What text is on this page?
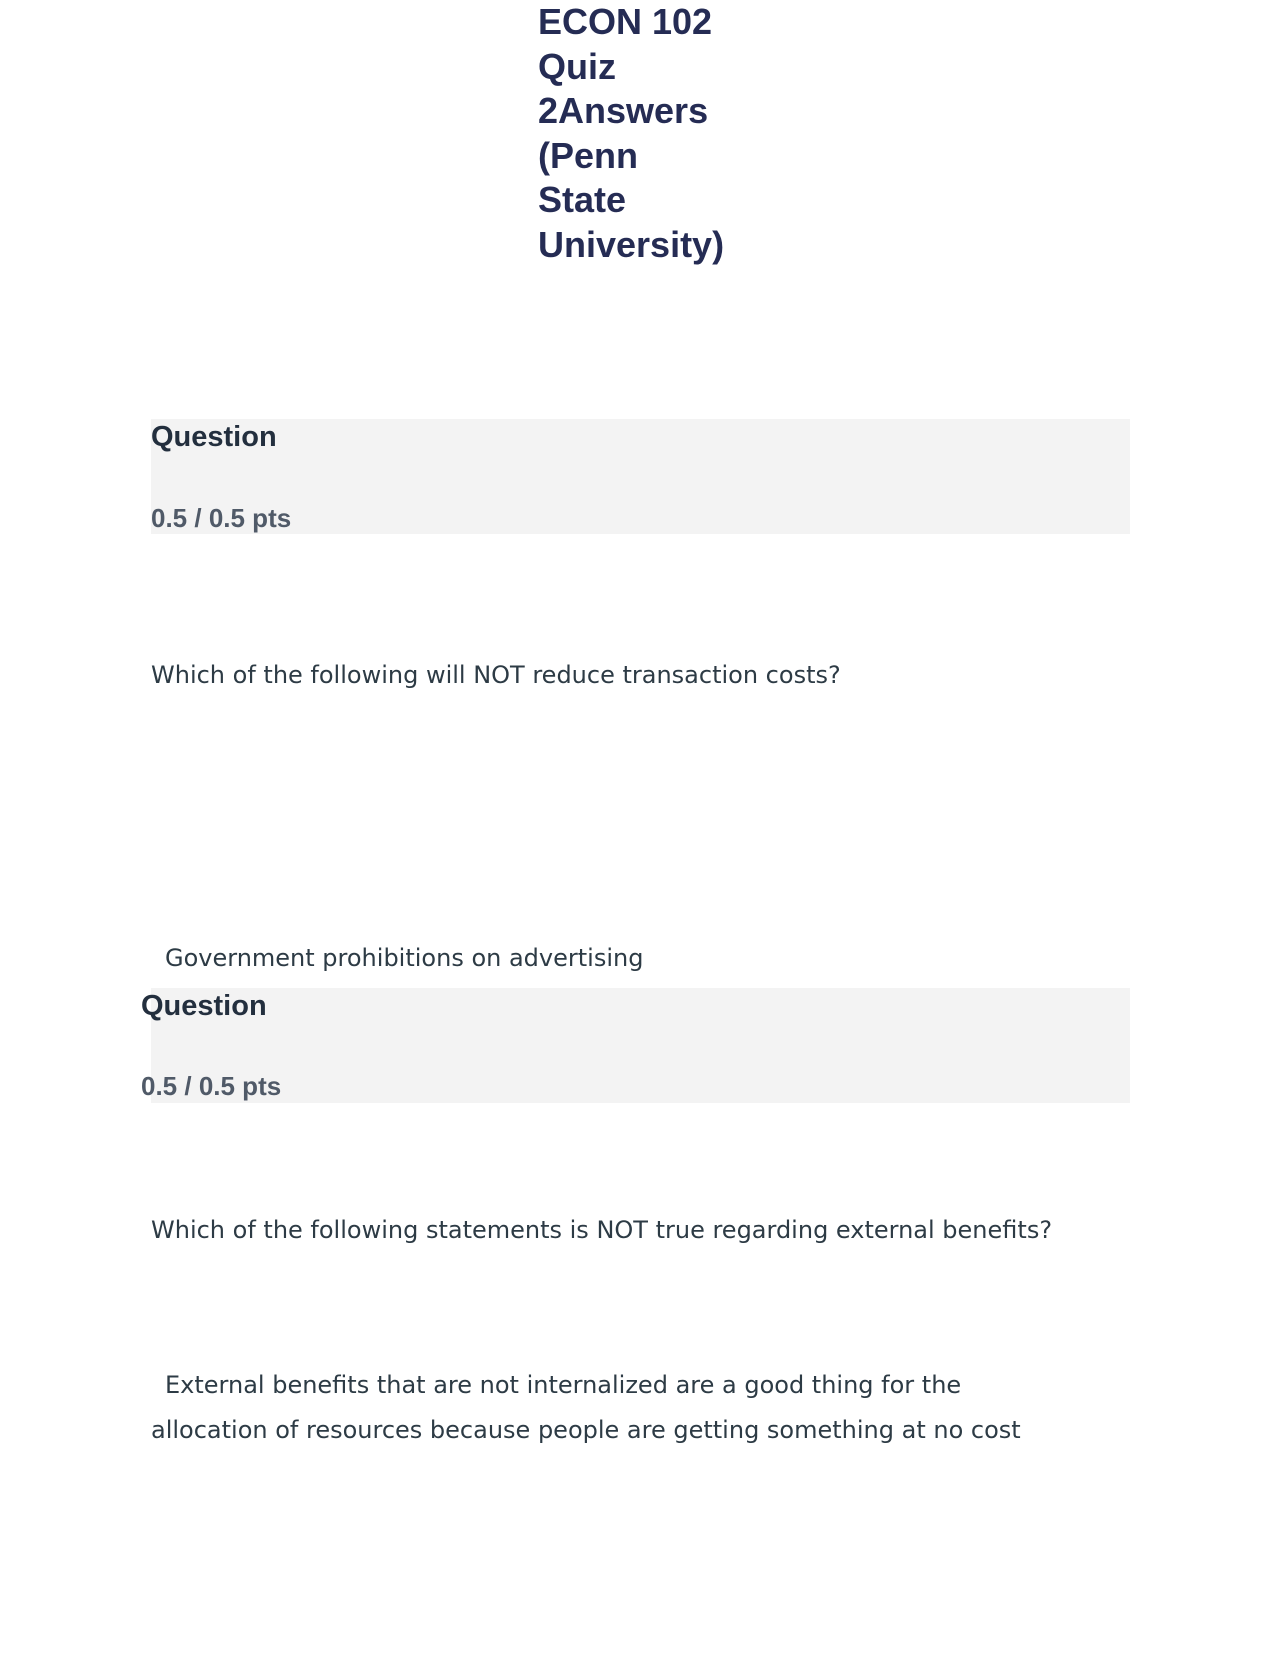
ECON 102
Quiz
2Answers
(Penn
State
University)
Question
0.5 / 0.5 pts
Which of the following will NOT reduce transaction costs?
Government prohibitions on advertising
Question
0.5 / 0.5 pts
Which of the following statements is NOT true regarding external benefits?
External benefits that are not internalized are a good thing for the
allocation of resources because people are getting something at no cost
